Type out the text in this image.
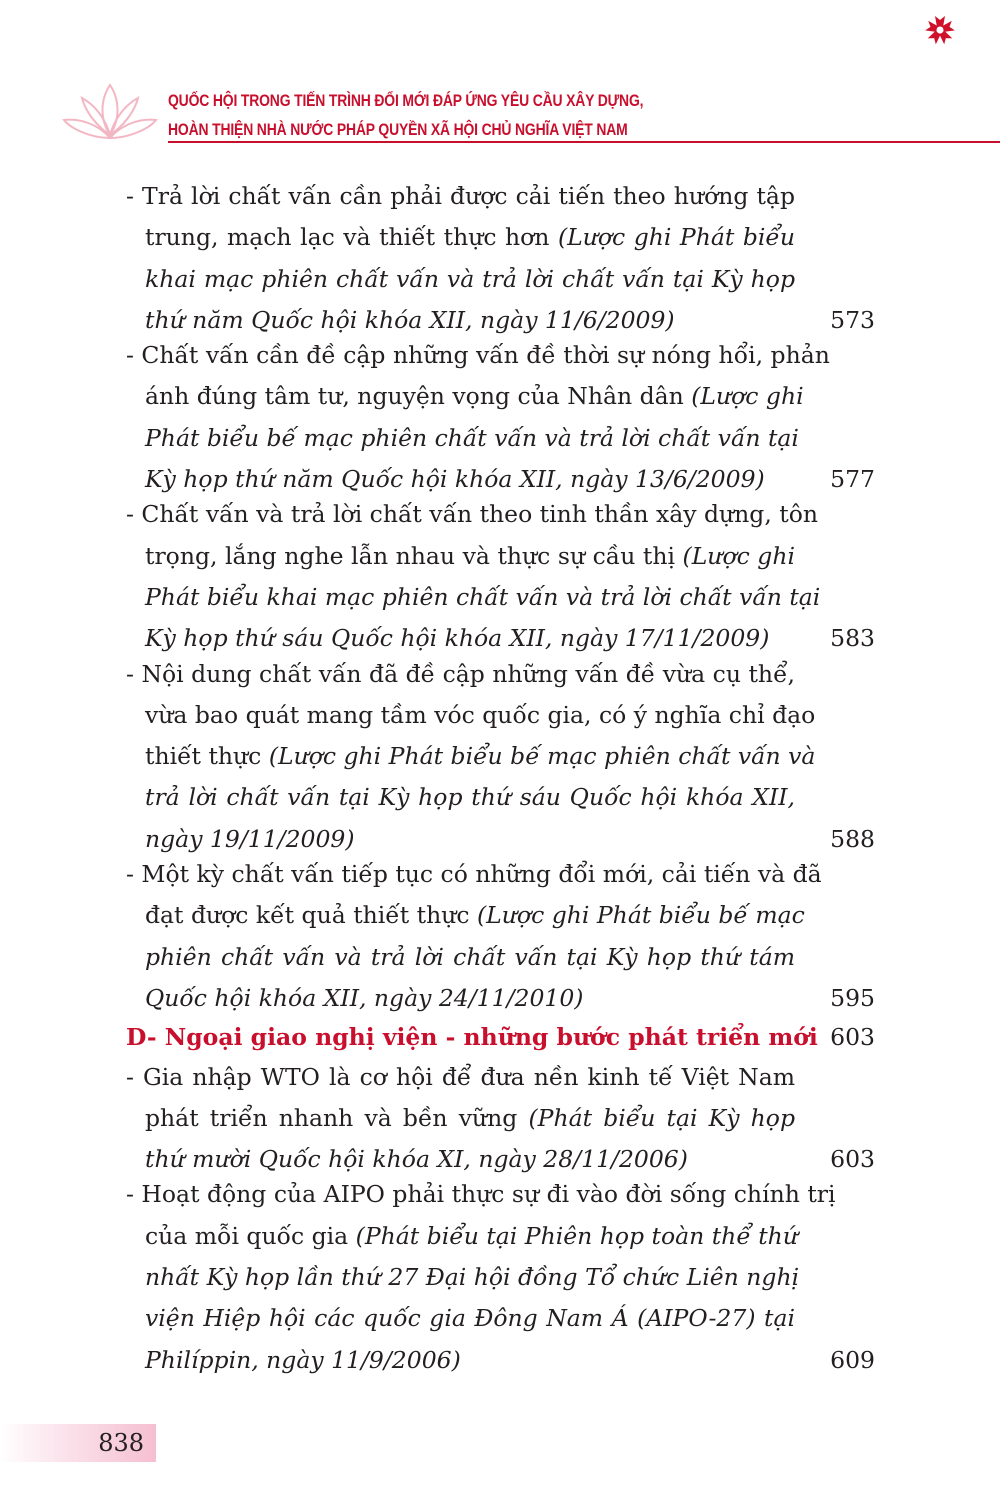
QUỐC HỘI TRONG TIẾN TRÌNH ĐỔI MỚI ĐÁP ỨNG YÊU CẦU XÂY DỰNG,
HOÀN THIỆN NHÀ NƯỚC PHÁP QUYỀN XÃ HỘI CHỦ NGHĨA VIỆT NAM
- Trả lời chất vấn cần phải được cải tiến theo hướng tập
trung, mạch lạc và thiết thực hơn (Lược ghi Phát biểu
khai mạc phiên chất vấn và trả lời chất vấn tại Kỳ họp
thứ năm Quốc hội khóa XII, ngày 11/6/2009)	573
- Chất vấn cần đề cập những vấn đề thời sự nóng hổi, phản
ánh đúng tâm tư, nguyện vọng của Nhân dân (Lược ghi
Phát biểu bế mạc phiên chất vấn và trả lời chất vấn tại
Kỳ họp thứ năm Quốc hội khóa XII, ngày 13/6/2009)	577
- Chất vấn và trả lời chất vấn theo tinh thần xây dựng, tôn
trọng, lắng nghe lẫn nhau và thực sự cầu thị (Lược ghi
Phát biểu khai mạc phiên chất vấn và trả lời chất vấn tại
Kỳ họp thứ sáu Quốc hội khóa XII, ngày 17/11/2009)	583
- Nội dung chất vấn đã đề cập những vấn đề vừa cụ thể,
vừa bao quát mang tầm vóc quốc gia, có ý nghĩa chỉ đạo
thiết thực (Lược ghi Phát biểu bế mạc phiên chất vấn và
trả lời chất vấn tại Kỳ họp thứ sáu Quốc hội khóa XII,
ngày 19/11/2009)	588
- Một kỳ chất vấn tiếp tục có những đổi mới, cải tiến và đã
đạt được kết quả thiết thực (Lược ghi Phát biểu bế mạc
phiên chất vấn và trả lời chất vấn tại Kỳ họp thứ tám
Quốc hội khóa XII, ngày 24/11/2010)	595
D- Ngoại giao nghị viện - những bước phát triển mới 603
- Gia nhập WTO là cơ hội để đưa nền kinh tế Việt Nam
phát triển nhanh và bền vững (Phát biểu tại Kỳ họp
thứ mười Quốc hội khóa XI, ngày 28/11/2006)	603
- Hoạt động của AIPO phải thực sự đi vào đời sống chính trị
của mỗi quốc gia (Phát biểu tại Phiên họp toàn thể thứ
nhất Kỳ họp lần thứ 27 Đại hội đồng Tổ chức Liên nghị
viện Hiệp hội các quốc gia Đông Nam Á (AIPO-27) tại
Philíppin, ngày 11/9/2006)	609
838
